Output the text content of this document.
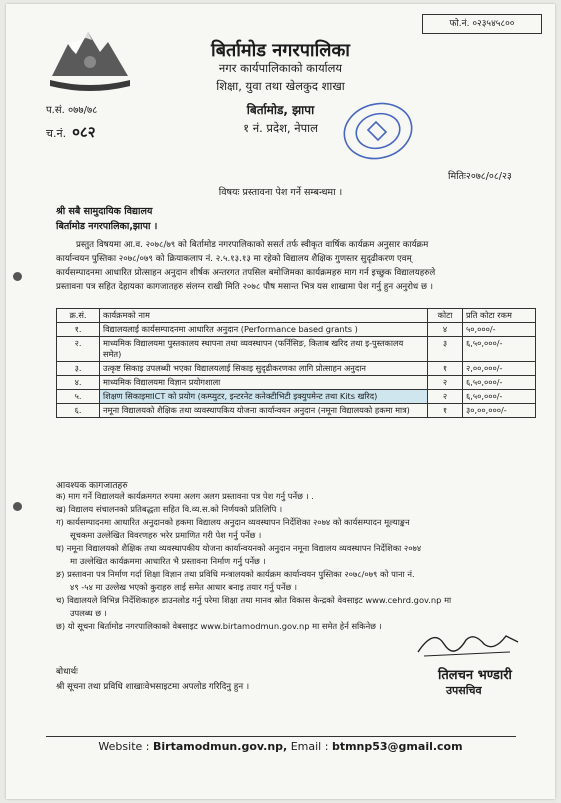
फो.नं. ०२३५४५८००
बिर्तामोड नगरपालिका
नगर कार्यपालिकाको कार्यालय
शिक्षा, युवा तथा खेलकुद शाखा
बिर्तामोड, झापा
१ नं. प्रदेश, नेपाल
प.सं. ०७७/७८
च.नं. ०८२
मितिः२०७८/०८/२३
विषयः प्रस्तावना पेश गर्ने सम्बन्धमा ।
श्री सबै सामुदायिक विद्यालय
बिर्तामोड नगरपालिका,झापा ।
प्रस्तुत विषयमा आ.व. २०७८/७९ को बिर्तामोड नगरपालिकाको ससर्त तर्फ स्वीकृत वार्षिक कार्यक्रम अनुसार कार्यक्रम
कार्यान्वयन पुस्तिका २०७८/०७९ को क्रियाकलाप नं. २.५.१३.१३ मा रहेको विद्यालय शैक्षिक गुणस्तर सुदृढीकरण एवम्
कार्यसम्पादनमा आधारित प्रोत्साहन अनुदान शीर्षक अन्तरगत तपसिल बमोजिमका कार्यक्रमहरु माग गर्न इच्छुक विद्यालयहरुले
प्रस्तावना पत्र सहित देहायका कागजातहरु संलग्न राखी मिति २०७८ पौष मसान्त भित्र यस शाखामा पेश गर्नु हुन अनुरोध छ ।
क्र.सं.	कार्यक्रमको नाम	कोटा	प्रति कोटा रकम
१.	विद्यालयलाई कार्यसम्पादनमा आधारित अनुदान (Performance based grants )	४	५०,०००/-
२.	माध्यमिक विद्यालयमा पुस्तकालय स्थापना तथा व्यवस्थापन (फर्निसिङ, किताब खरिद तथा इ-पुस्तकालय समेत)	३	६,५०,०००/-
३.	उत्कृष्ट सिकाइ उपलब्धी भएका विद्यालयलाई सिकाइ सुदृढीकरणका लागि प्रोत्साहन अनुदान	१	२,००,०००/-
४.	माध्यमिक विद्यालयमा विज्ञान प्रयोगशाला	२	६,५०,०००/-
५.	शिक्षण सिकाइमाICT को प्रयोग (कम्प्युटर, इन्टरनेट कनेक्टीभिटी इक्युपमेन्ट तथा Kits खरिद)	२	६,५०,०००/-
६.	नमूना विद्यालयको शैक्षिक तथा व्यवस्थापकिय योजना कार्यान्वयन अनुदान (नमूना विद्यालयको हकमा मात्र)	१	३०,००,०००/-
आवश्यक कागजातहरु
क) माग गर्ने विद्यालयले कार्यक्रमगत रुपमा अलग अलग प्रस्तावना पत्र पेश गर्नु पर्नेछ । .
ख) विद्यालय संचालनको प्रतिबद्धता सहित वि.व्य.स.को निर्णयको प्रतिलिपि ।
ग) कार्यसम्पादनमा आधारित अनुदानको हकमा विद्यालय अनुदान व्यवस्थापन निर्देशिका २०७४ को कार्यसम्पादन मूल्याङ्कन
सूचकमा उल्लेखित विवरणहरु भरेर प्रमाणित गरी पेश गर्नु पर्नेछ ।
घ) नमूना विद्यालयको शैक्षिक तथा व्यवस्थापकीय योजना कार्यान्वयनको अनुदान नमूना विद्यालय व्यवस्थापन निर्देशिका २०७४
मा उल्लेखित कार्यक्रममा आधारित भै प्रस्तावना निर्माण गर्नु पर्नेछ ।
ङ) प्रस्तावना पत्र निर्माण गर्दा शिक्षा विज्ञान तथा प्रविधि मन्त्रालयको कार्यक्रम कार्यान्वयन पुस्तिका २०७८/०७९ को पाना नं.
४९ -५४ मा उल्लेख भएको कुराहरु लाई समेत आधार बनाइ तयार गर्नु पर्नेछ ।
च) विद्यालयले विभिन्न निर्देशिकाहरु डाउनलोड गर्नु परेमा शिक्षा तथा मानव स्रोत विकास केन्द्रको वेवसाइट www.cehrd.gov.np मा
उपलब्ध छ ।
छ) यो सूचना बिर्तामोड नगरपालिकाको वेबसाइट www.birtamodmun.gov.np मा समेत हेर्न सकिनेछ ।
तिलचन भण्डारी
उपसचिव
बोधार्थः
श्री सूचना तथा प्रविधि शाखाःवेभसाइटमा अपलोड गरिदिनु हुन ।
Website : Birtamodmun.gov.np, Email : btmnp53@gmail.com
